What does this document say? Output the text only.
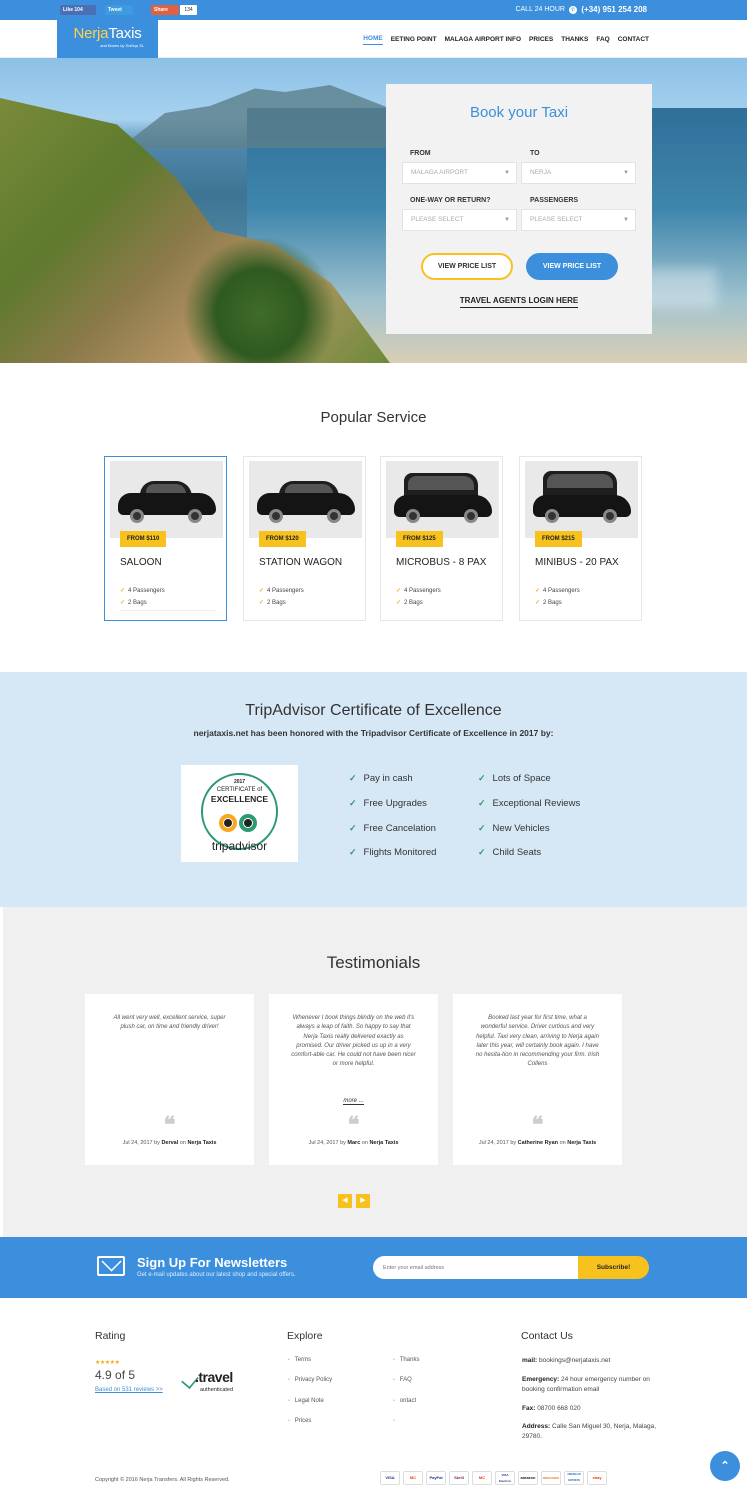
Like 104	Tweet	Share	134	CALL 24 HOUR	✆ (+34) 951 254 208
NerjaTaxis
and Buses by Solhop SL
HOME EETING POINT MALAGA AIRPORT INFO PRICES THANKS FAQ CONTACT
Book your Taxi
FROM
MALAGA AIRPORT	▼
TO
NERJA	▼
ONE-WAY OR RETURN?
PLEASE SELECT	▼
PASSENGERS
PLEASE SELECT	▼
VIEW PRICE LIST	VIEW PRICE LIST
TRAVEL AGENTS LOGIN HERE
Popular Service
FROM $110
SALOON
✓ 4 Passengers
✓ 2 Bags
FROM $120
STATION WAGON
✓ 4 Passengers
✓ 2 Bags
FROM $125
MICROBUS - 8 PAX
✓ 4 Passengers
✓ 2 Bags
FROM $215
MINIBUS - 20 PAX
✓ 4 Passengers
✓ 2 Bags
TripAdvisor Certificate of Excellence
nerjataxis.net has been honored with the Tripadvisor Certificate of Excellence in 2017 by:
2017
CERTIFICATE of
EXCELLENCE
tripadvisor
✓ Pay in cash
✓ Free Upgrades
✓ Free Cancelation
✓ Flights Monitored
✓ Lots of Space
✓ Exceptional Reviews
✓ New Vehicles
✓ Child Seats
Testimonials
All went very well, excellent service, super plush car, on time and friendly driver!
❝
Jul 24, 2017 by Derval on Nerja Taxis
Whenever I book things blindly on the web it's always a leap of faith. So happy to say that Nerja Taxis really delivered exactly as promised. Our driver picked us up in a very comfort-able car. He could not have been nicer or more helpful.
more ...
❝
Jul 24, 2017 by Marc on Nerja Taxis
Booked last year for first time, what a wonderful service. Driver curtious and very helpful. Taxi very clean, arriving to Nerja again later this year, will certainly book again. I have no hesita-tion in recommending your firm. Irish Collens
❝
Jul 24, 2017 by Catherine Ryan on Nerja Taxis
◀	▶
Sign Up For Newsletters
Get e-mail updates about our latest shop and special offers.
Enter your email address
Subscribe!
Rating
★★★★★
4.9 of 5
Based on 531 reviews >>
.travel
authenticated
Explore
• Terms
• Privacy Policy
• Legal Note
• Prices
• Thanks
• FAQ
• ontact
•
Contact Us
mail: bookings@nerjataxis.net
Emergency: 24 hour emergency number on booking confirmation email
Fax: 08700 668 020
Address: Calle San Miguel 30, Nerja, Malaga, 29780.
Copyright © 2016 Nerja Transfers. All Rights Reserved.	VISA	MC	PayPal	Skrill	MC	VISA Electron
amazon	DISCOVER
AMERICAN EXPRESS
ebay
⌃
